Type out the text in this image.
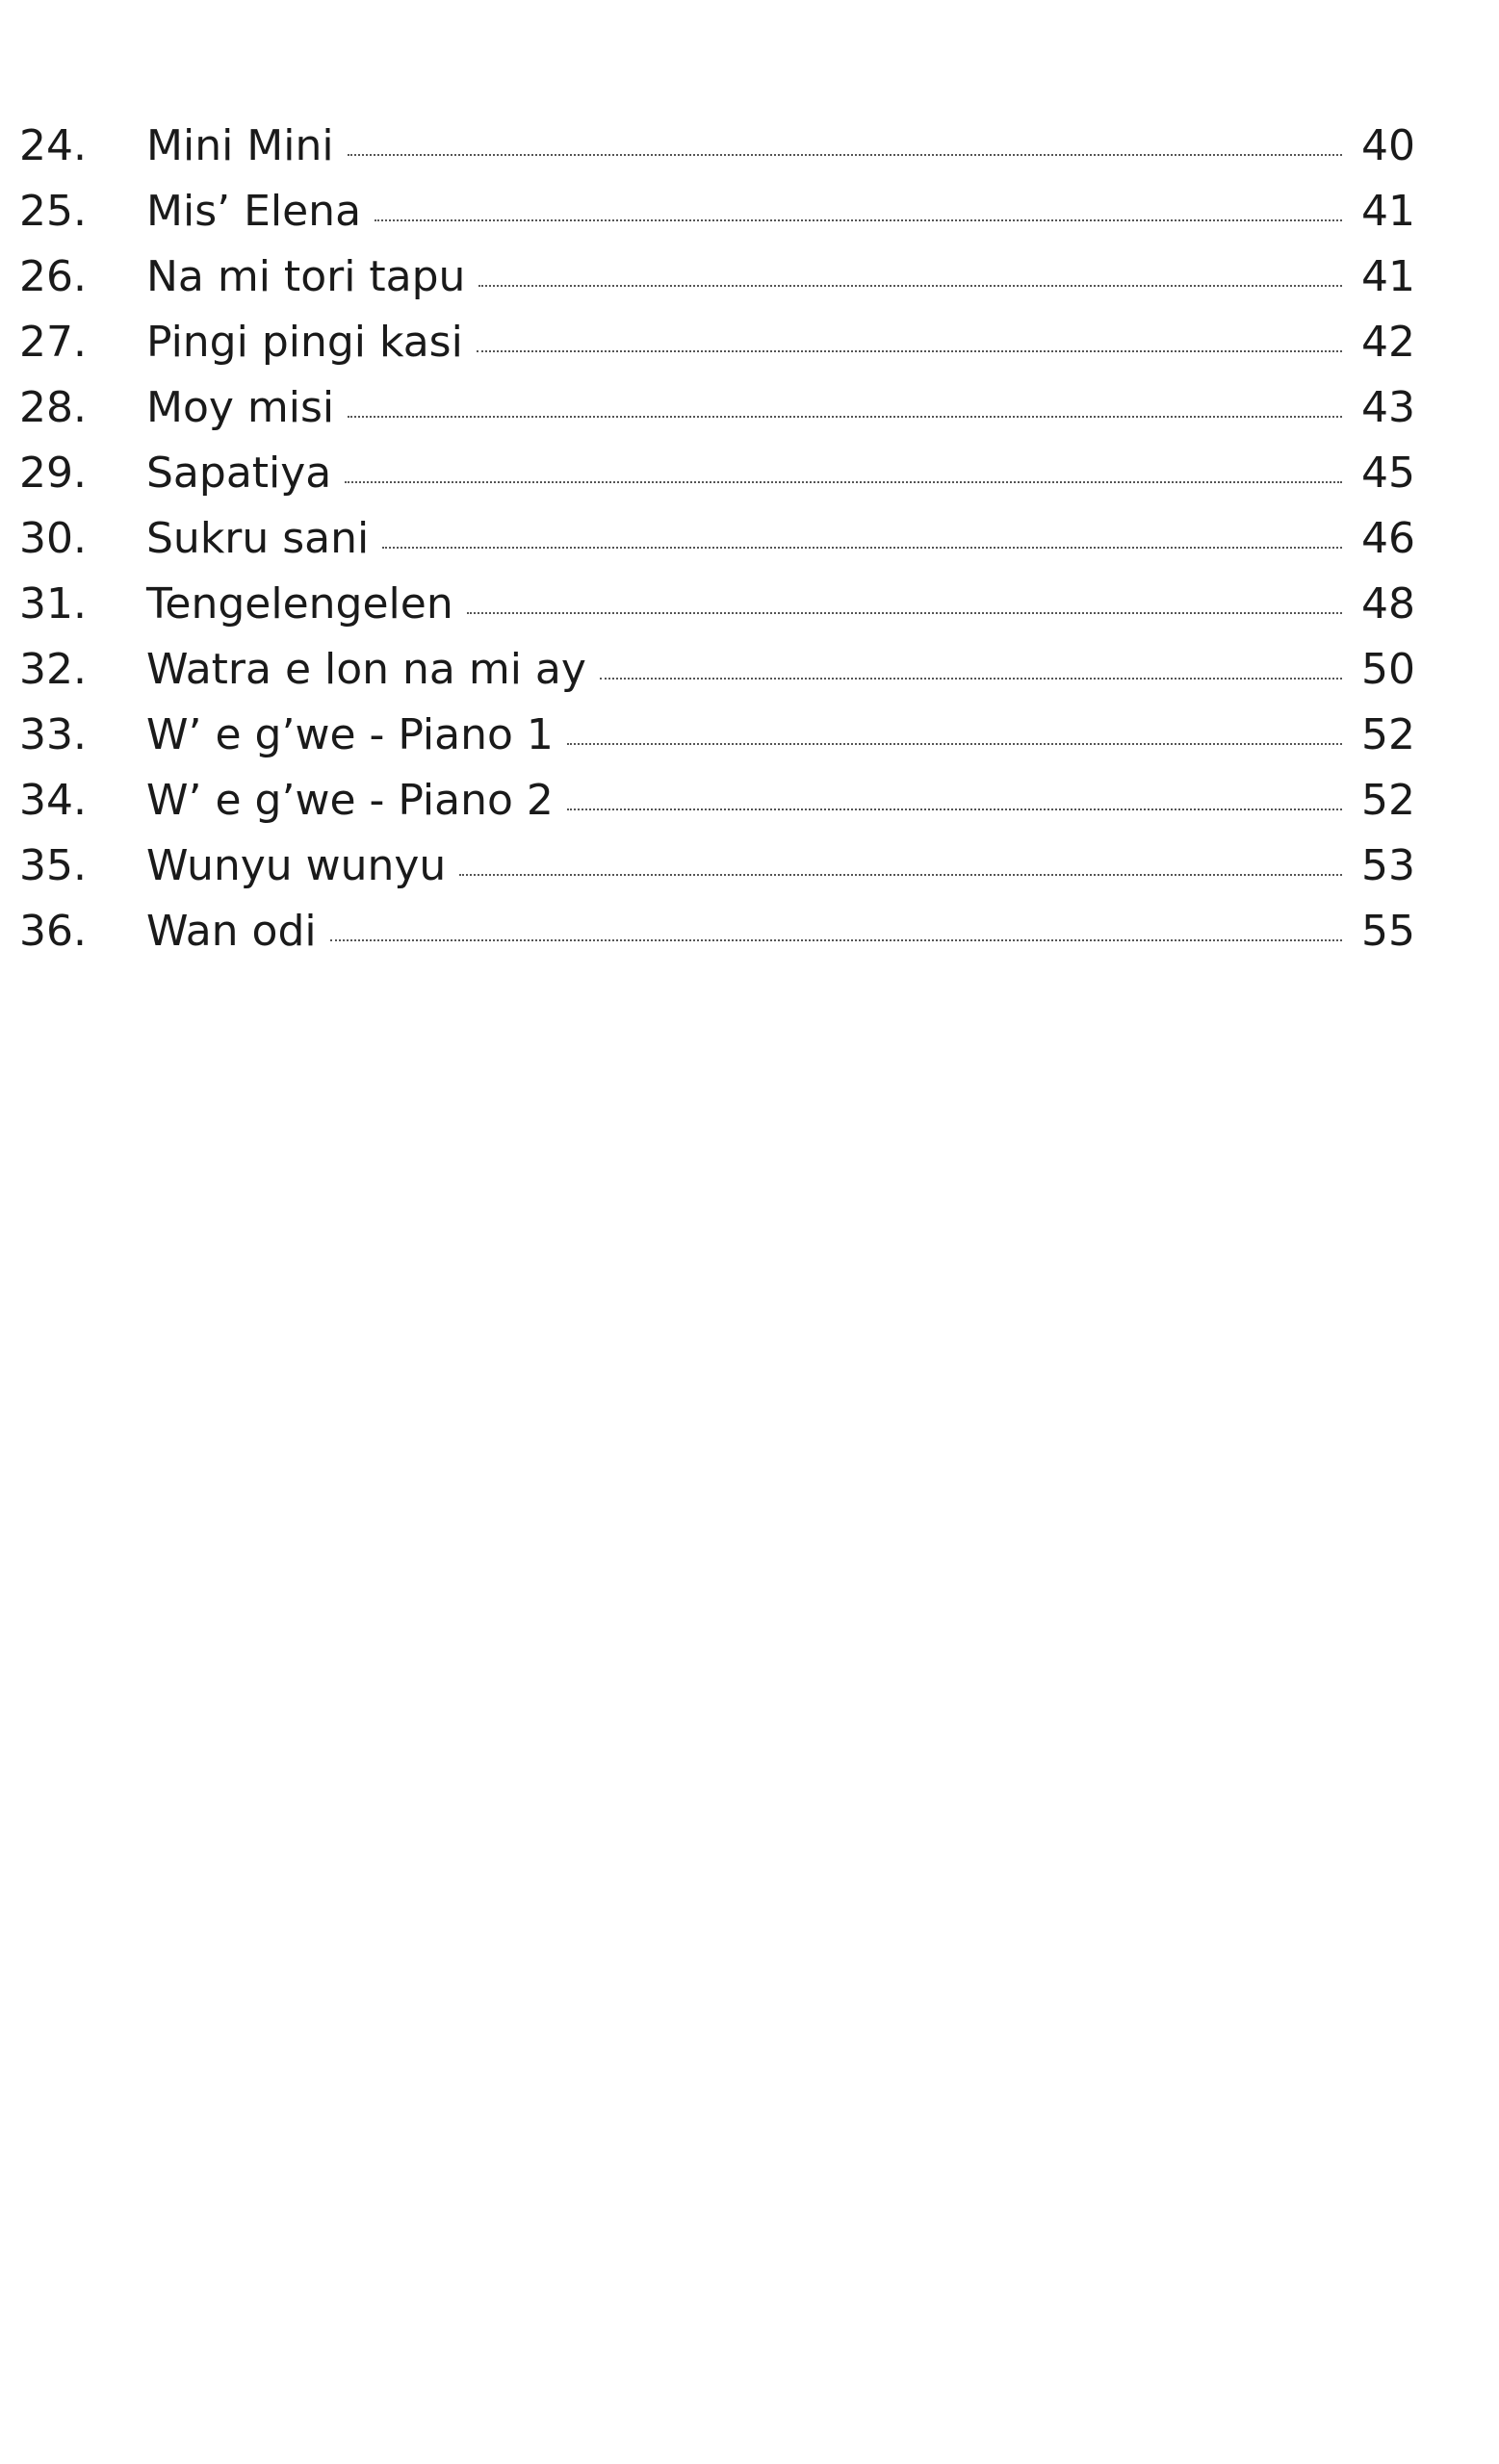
24.	Mini Mini	40
25.	Mis’ Elena	41
26.	Na mi tori tapu	41
27.	Pingi pingi kasi	42
28.	Moy misi	43
29.	Sapatiya	45
30.	Sukru sani	46
31.	Tengelengelen	48
32.	Watra e lon na mi ay	50
33.	W’ e g’we - Piano 1	52
34.	W’ e g’we - Piano 2	52
35.	Wunyu wunyu	53
36.	Wan odi	55
